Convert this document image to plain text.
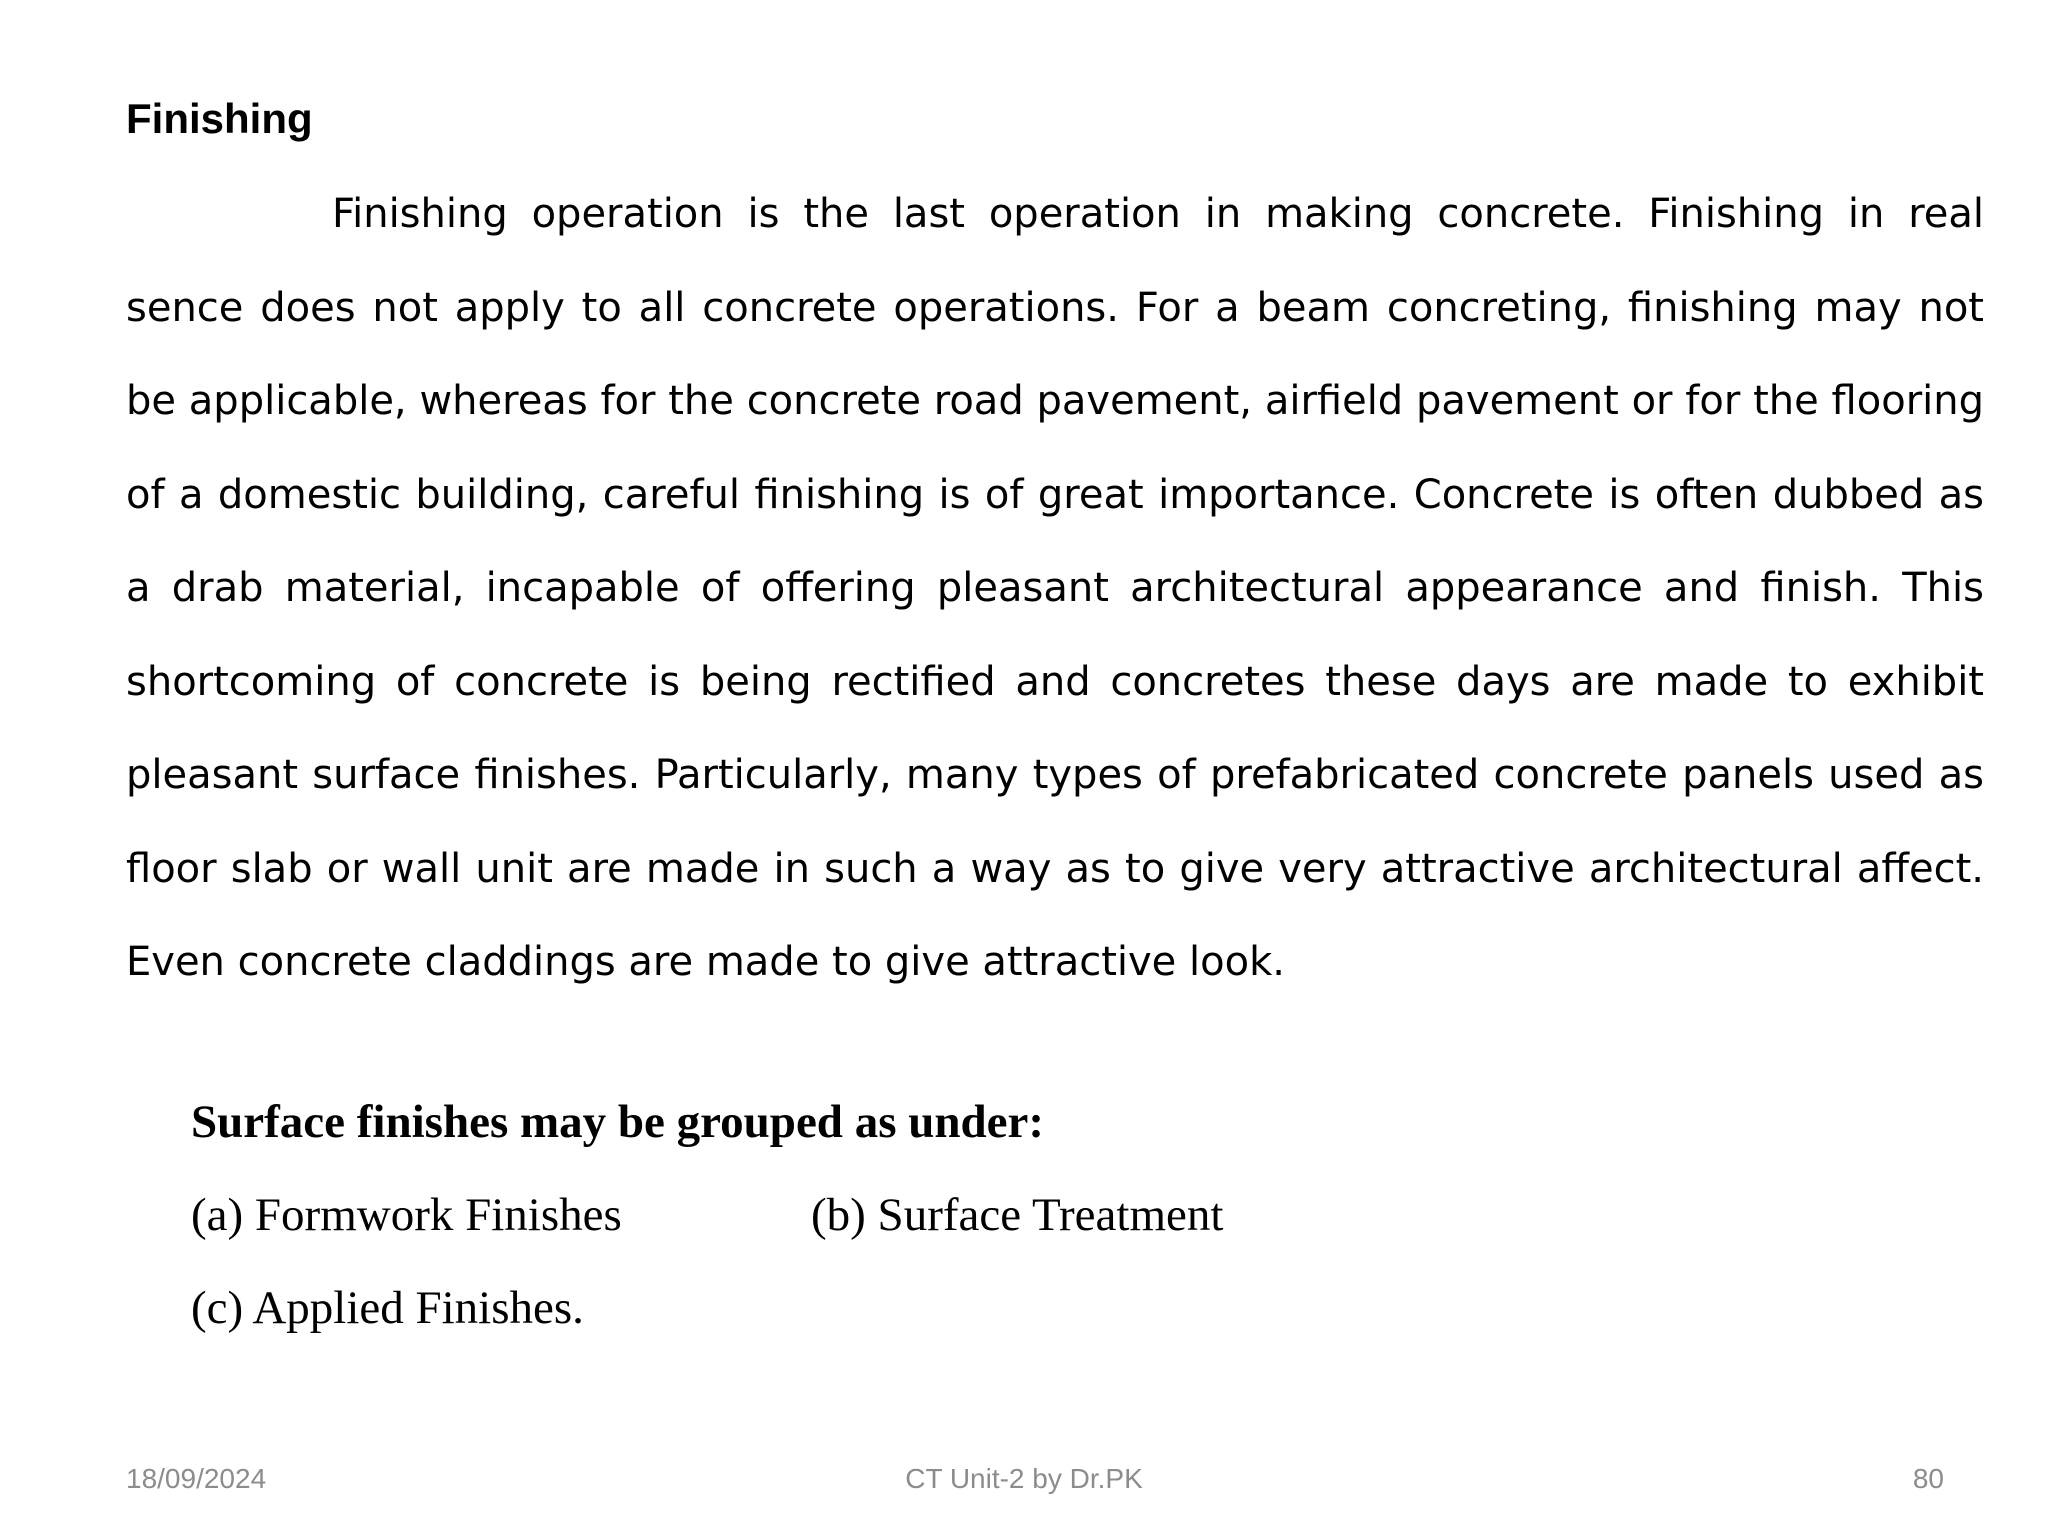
Finishing

Finishing operation is the last operation in making concrete. Finishing in real sence does not apply to all concrete operations. For a beam concreting, finishing may not be applicable, whereas for the concrete road pavement, airfield pavement or for the flooring of a domestic building, careful finishing is of great importance. Concrete is often dubbed as a drab material, incapable of offering pleasant architectural appearance and finish. This shortcoming of concrete is being rectified and concretes these days are made to exhibit pleasant surface finishes. Particularly, many types of prefabricated concrete panels used as floor slab or wall unit are made in such a way as to give very attractive architectural affect. Even concrete claddings are made to give attractive look.

Surface finishes may be grouped as under:

(a) Formwork Finishes	(b) Surface Treatment

(c) Applied Finishes.

18/09/2024	CT Unit-2 by Dr.PK	80
